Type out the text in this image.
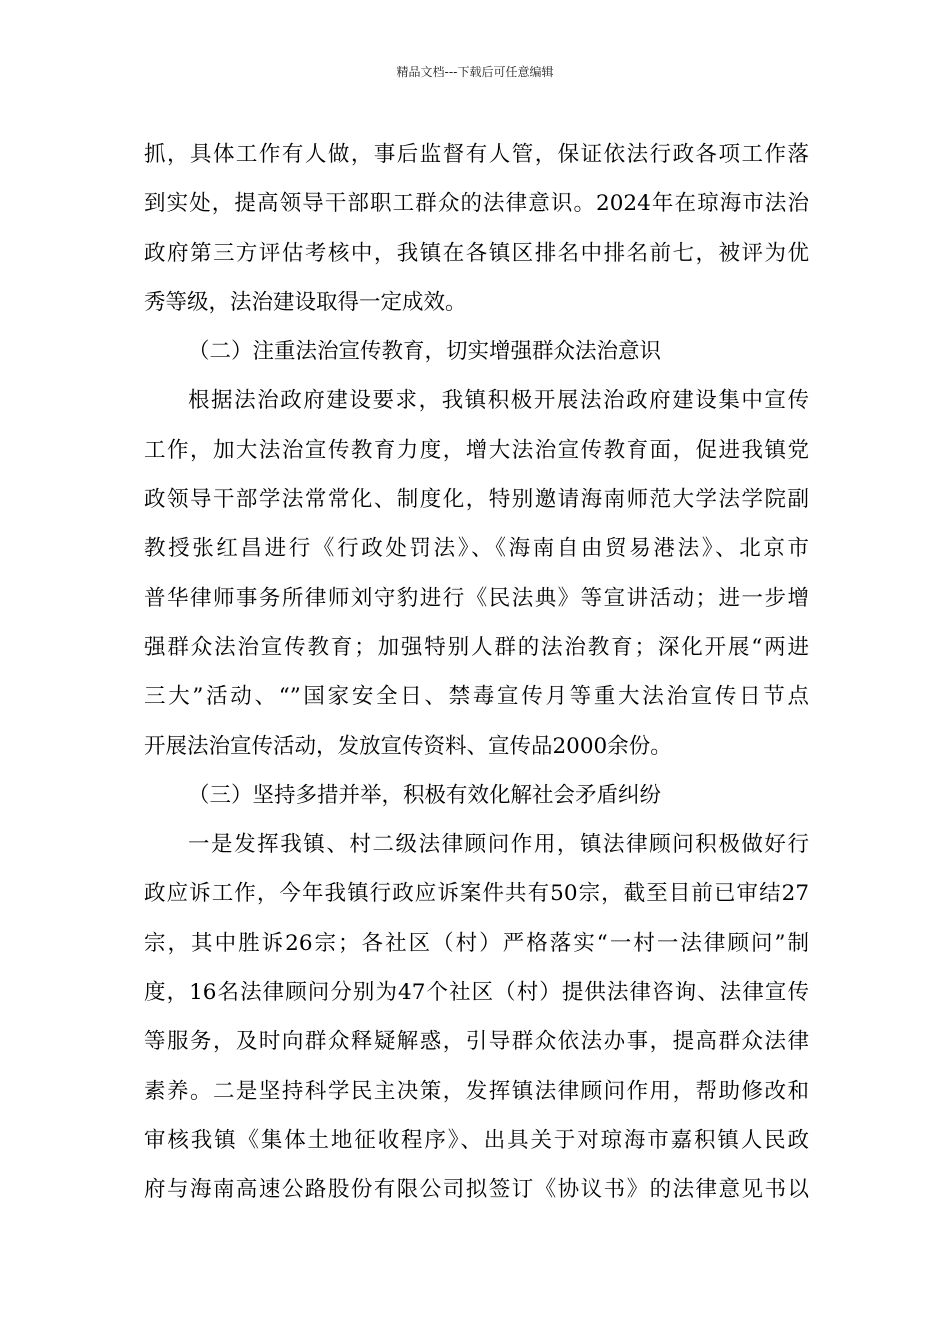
精品文档---下载后可任意编辑
抓，具体工作有人做，事后监督有人管，保证依法行政各项工作落
到实处，提高领导干部职工群众的法律意识。2024年在琼海市法治
政府第三方评估考核中，我镇在各镇区排名中排名前七，被评为优
秀等级，法治建设取得一定成效。
（二）注重法治宣传教育，切实增强群众法治意识
根据法治政府建设要求，我镇积极开展法治政府建设集中宣传
工作，加大法治宣传教育力度，增大法治宣传教育面，促进我镇党
政领导干部学法常常化、制度化，特别邀请海南师范大学法学院副
教授张红昌进行《行政处罚法》、《海南自由贸易港法》、北京市
普华律师事务所律师刘守豹进行《民法典》等宣讲活动；进一步增
强群众法治宣传教育；加强特别人群的法治教育；深化开展“两进
三大”活动、“”国家安全日、禁毒宣传月等重大法治宣传日节点
开展法治宣传活动，发放宣传资料、宣传品2000余份。
（三）坚持多措并举，积极有效化解社会矛盾纠纷
一是发挥我镇、村二级法律顾问作用，镇法律顾问积极做好行
政应诉工作，今年我镇行政应诉案件共有50宗，截至目前已审结27
宗，其中胜诉26宗；各社区（村）严格落实“一村一法律顾问”制
度，16名法律顾问分别为47个社区（村）提供法律咨询、法律宣传
等服务，及时向群众释疑解惑，引导群众依法办事，提高群众法律
素养。二是坚持科学民主决策，发挥镇法律顾问作用，帮助修改和
审核我镇《集体土地征收程序》、出具关于对琼海市嘉积镇人民政
府与海南高速公路股份有限公司拟签订《协议书》的法律意见书以
